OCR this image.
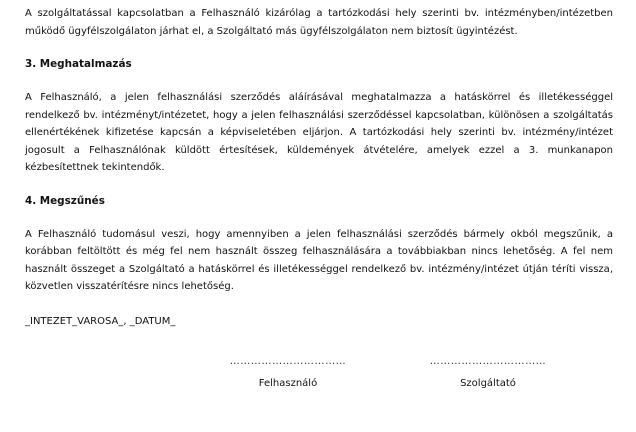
A szolgáltatással kapcsolatban a Felhasználó kizárólag a tartózkodási hely szerinti bv. intézményben/intézetben működő ügyfélszolgálaton járhat el, a Szolgáltató más ügyfélszolgálaton nem biztosít ügyintézést.

3. Meghatalmazás

A Felhasználó, a jelen felhasználási szerződés aláírásával meghatalmazza a hatáskörrel és illetékességgel rendelkező bv. intézményt/intézetet, hogy a jelen felhasználási szerződéssel kapcsolatban, különösen a szolgáltatás ellenértékének kifizetése kapcsán a képviseletében eljárjon. A tartózkodási hely szerinti bv. intézmény/intézet jogosult a Felhasználónak küldött értesítések, küldemények átvételére, amelyek ezzel a 3. munkanapon kézbesítettnek tekintendők.

4. Megszűnés

A Felhasználó tudomásul veszi, hogy amennyiben a jelen felhasználási szerződés bármely okból megszűnik, a korábban feltöltött és még fel nem használt összeg felhasználására a továbbiakban nincs lehetőség. A fel nem használt összeget a Szolgáltató a hatáskörrel és illetékességgel rendelkező bv. intézmény/intézet útján téríti vissza, közvetlen visszatérítésre nincs lehetőség.

_INTEZET_VAROSA_, _DATUM_
……………………………
Felhasználó
……………………………
Szolgáltató
